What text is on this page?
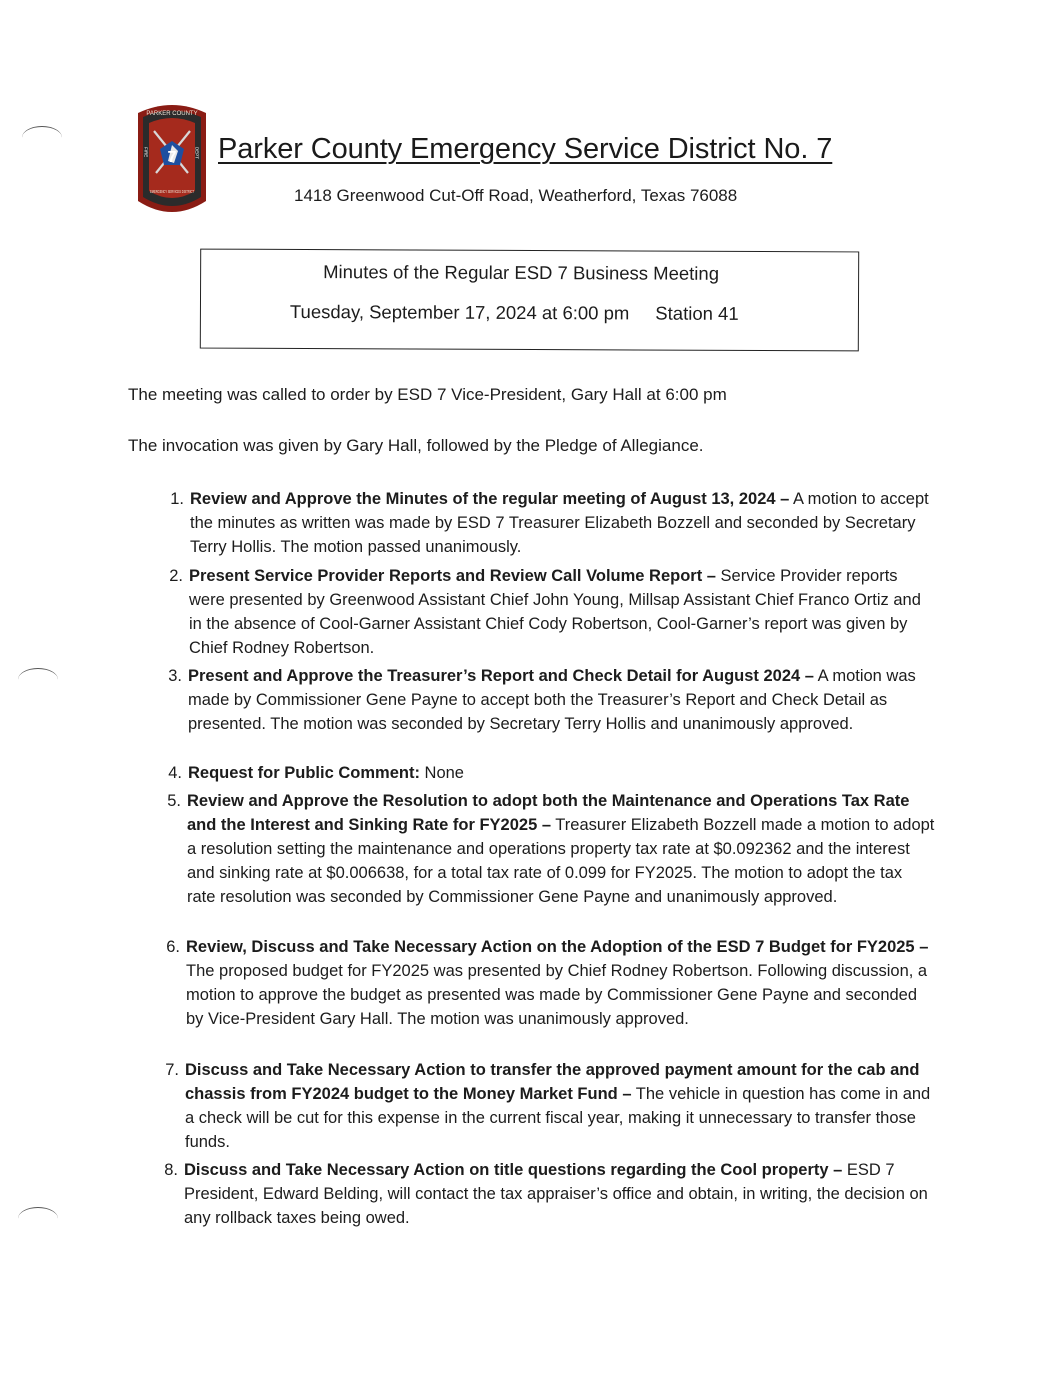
PARKER COUNTY
7
FIRE	DEPT
EMERGENCY SERVICES DISTRICT
Parker County Emergency Service District No. 7
1418 Greenwood Cut-Off Road, Weatherford, Texas 76088
Minutes of the Regular ESD 7 Business Meeting
Tuesday, September 17, 2024 at 6:00 pm Station 41
The meeting was called to order by ESD 7 Vice-President, Gary Hall at 6:00 pm
The invocation was given by Gary Hall, followed by the Pledge of Allegiance.
1. Review and Approve the Minutes of the regular meeting of August 13, 2024 – A motion to accept the minutes as written was made by ESD 7 Treasurer Elizabeth Bozzell and seconded by Secretary Terry Hollis. The motion passed unanimously.
2. Present Service Provider Reports and Review Call Volume Report – Service Provider reports were presented by Greenwood Assistant Chief John Young, Millsap Assistant Chief Franco Ortiz and in the absence of Cool-Garner Assistant Chief Cody Robertson, Cool-Garner’s report was given by Chief Rodney Robertson.
3. Present and Approve the Treasurer’s Report and Check Detail for August 2024 – A motion was made by Commissioner Gene Payne to accept both the Treasurer’s Report and Check Detail as presented. The motion was seconded by Secretary Terry Hollis and unanimously approved.
4. Request for Public Comment: None
5. Review and Approve the Resolution to adopt both the Maintenance and Operations Tax Rate and the Interest and Sinking Rate for FY2025 – Treasurer Elizabeth Bozzell made a motion to adopt a resolution setting the maintenance and operations property tax rate at $0.092362 and the interest and sinking rate at $0.006638, for a total tax rate of 0.099 for FY2025. The motion to adopt the tax rate resolution was seconded by Commissioner Gene Payne and unanimously approved.
6. Review, Discuss and Take Necessary Action on the Adoption of the ESD 7 Budget for FY2025 – The proposed budget for FY2025 was presented by Chief Rodney Robertson. Following discussion, a motion to approve the budget as presented was made by Commissioner Gene Payne and seconded by Vice-President Gary Hall. The motion was unanimously approved.
7. Discuss and Take Necessary Action to transfer the approved payment amount for the cab and chassis from FY2024 budget to the Money Market Fund – The vehicle in question has come in and a check will be cut for this expense in the current fiscal year, making it unnecessary to transfer those funds.
8. Discuss and Take Necessary Action on title questions regarding the Cool property – ESD 7 President, Edward Belding, will contact the tax appraiser’s office and obtain, in writing, the decision on any rollback taxes being owed.
